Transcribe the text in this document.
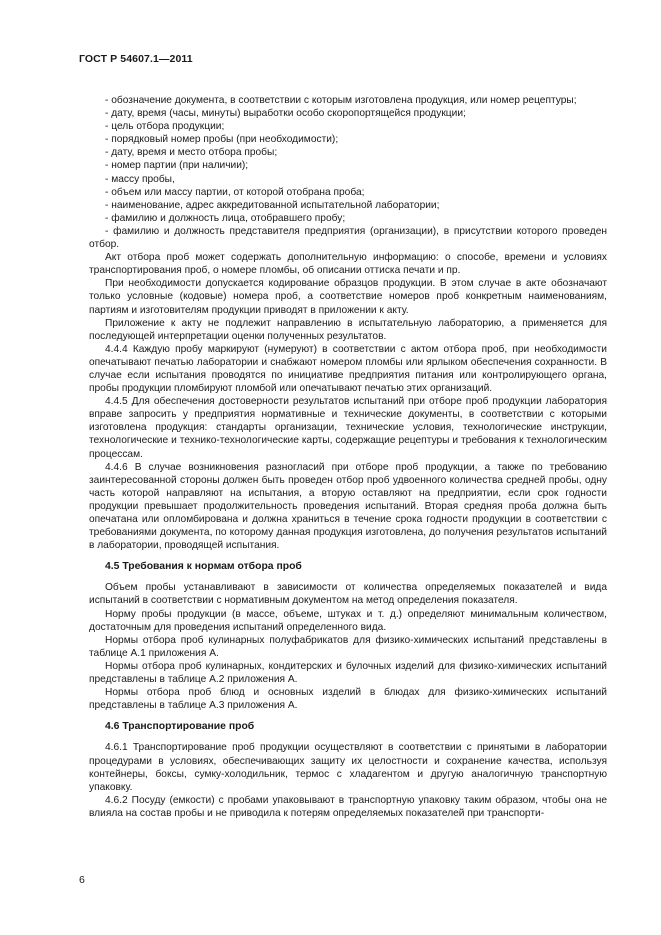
ГОСТ Р 54607.1—2011

- обозначение документа, в соответствии с которым изготовлена продукция, или номер рецептуры;

- дату, время (часы, минуты) выработки особо скоропортящейся продукции;

- цель отбора продукции;

- порядковый номер пробы (при необходимости);

- дату, время и место отбора пробы;

- номер партии (при наличии);

- массу пробы,

- объем или массу партии, от которой отобрана проба;

- наименование, адрес аккредитованной испытательной лаборатории;

- фамилию и должность лица, отобравшего пробу;

- фамилию и должность представителя предприятия (организации), в присутствии которого проведен отбор.

Акт отбора проб может содержать дополнительную информацию: о способе, времени и условиях транспортирования проб, о номере пломбы, об описании оттиска печати и пр.

При необходимости допускается кодирование образцов продукции. В этом случае в акте обозначают только условные (кодовые) номера проб, а соответствие номеров проб конкретным наименованиям, партиям и изготовителям продукции приводят в приложении к акту.

Приложение к акту не подлежит направлению в испытательную лабораторию, а применяется для последующей интерпретации оценки полученных результатов.

4.4.4 Каждую пробу маркируют (нумеруют) в соответствии с актом отбора проб, при необходимости опечатывают печатью лаборатории и снабжают номером пломбы или ярлыком обеспечения сохранности. В случае если испытания проводятся по инициативе предприятия питания или контролирующего органа, пробы продукции пломбируют пломбой или опечатывают печатью этих организаций.

4.4.5 Для обеспечения достоверности результатов испытаний при отборе проб продукции лаборатория вправе запросить у предприятия нормативные и технические документы, в соответствии с которыми изготовлена продукция: стандарты организации, технические условия, технологические инструкции, технологические и технико-технологические карты, содержащие рецептуры и требования к технологическим процессам.

4.4.6 В случае возникновения разногласий при отборе проб продукции, а также по требованию заинтересованной стороны должен быть проведен отбор проб удвоенного количества средней пробы, одну часть которой направляют на испытания, а вторую оставляют на предприятии, если срок годности продукции превышает продолжительность проведения испытаний. Вторая средняя проба должна быть опечатана или опломбирована и должна храниться в течение срока годности продукции в соответствии с требованиями документа, по которому данная продукция изготовлена, до получения результатов испытаний в лаборатории, проводящей испытания.

4.5 Требования к нормам отбора проб

Объем пробы устанавливают в зависимости от количества определяемых показателей и вида испытаний в соответствии с нормативным документом на метод определения показателя.

Норму пробы продукции (в массе, объеме, штуках и т. д.) определяют минимальным количеством, достаточным для проведения испытаний определенного вида.

Нормы отбора проб кулинарных полуфабрикатов для физико-химических испытаний представлены в таблице А.1 приложения А.

Нормы отбора проб кулинарных, кондитерских и булочных изделий для физико-химических испытаний представлены в таблице А.2 приложения А.

Нормы отбора проб блюд и основных изделий в блюдах для физико-химических испытаний представлены в таблице А.3 приложения А.

4.6 Транспортирование проб

4.6.1 Транспортирование проб продукции осуществляют в соответствии с принятыми в лаборатории процедурами в условиях, обеспечивающих защиту их целостности и сохранение качества, используя контейнеры, боксы, сумку-холодильник, термос с хладагентом и другую аналогичную транспортную упаковку.

4.6.2 Посуду (емкости) с пробами упаковывают в транспортную упаковку таким образом, чтобы она не влияла на состав пробы и не приводила к потерям определяемых показателей при транспорти-

6
